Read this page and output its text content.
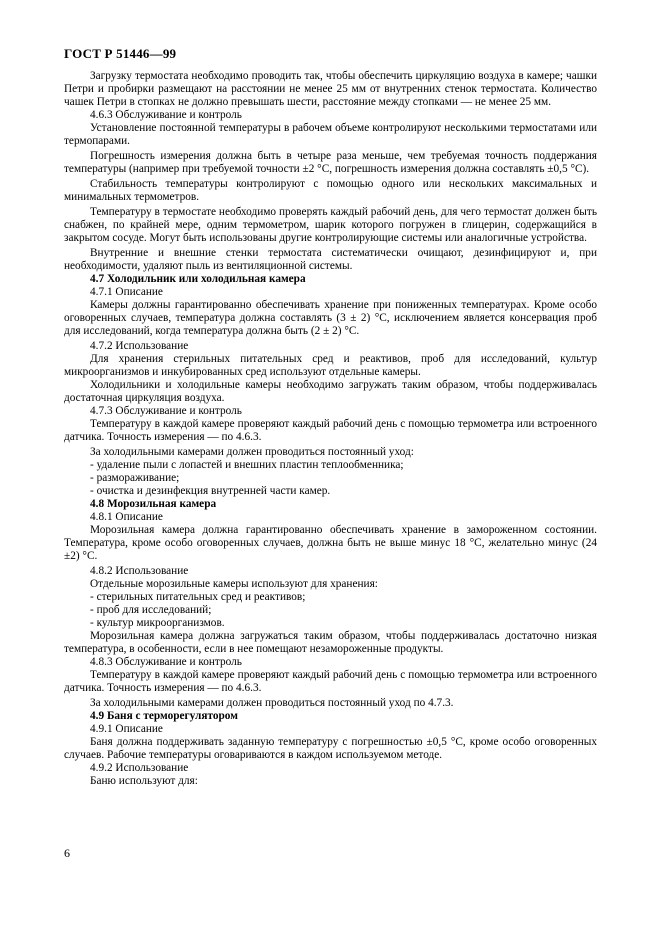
ГОСТ Р 51446—99

Загрузку термостата необходимо проводить так, чтобы обеспечить циркуляцию воздуха в камере; чашки Петри и пробирки размещают на расстоянии не менее 25 мм от внутренних стенок термостата. Количество чашек Петри в стопках не должно превышать шести, расстояние между стопками — не менее 25 мм.

4.6.3 Обслуживание и контроль

Установление постоянной температуры в рабочем объеме контролируют несколькими термостатами или термопарами.

Погрешность измерения должна быть в четыре раза меньше, чем требуемая точность поддержания температуры (например при требуемой точности ±2 °С, погрешность измерения должна составлять ±0,5 °С).

Стабильность температуры контролируют с помощью одного или нескольких максимальных и минимальных термометров.

Температуру в термостате необходимо проверять каждый рабочий день, для чего термостат должен быть снабжен, по крайней мере, одним термометром, шарик которого погружен в глицерин, содержащийся в закрытом сосуде. Могут быть использованы другие контролирующие системы или аналогичные устройства.

Внутренние и внешние стенки термостата систематически очищают, дезинфицируют и, при необходимости, удаляют пыль из вентиляционной системы.

4.7 Холодильник или холодильная камера

4.7.1 Описание

Камеры должны гарантированно обеспечивать хранение при пониженных температурах. Кроме особо оговоренных случаев, температура должна составлять (3 ± 2) °С, исключением является консервация проб для исследований, когда температура должна быть (2 ± 2) °С.

4.7.2 Использование

Для хранения стерильных питательных сред и реактивов, проб для исследований, культур микроорганизмов и инкубированных сред используют отдельные камеры.

Холодильники и холодильные камеры необходимо загружать таким образом, чтобы поддерживалась достаточная циркуляция воздуха.

4.7.3 Обслуживание и контроль

Температуру в каждой камере проверяют каждый рабочий день с помощью термометра или встроенного датчика. Точность измерения — по 4.6.3.

За холодильными камерами должен проводиться постоянный уход:

- удаление пыли с лопастей и внешних пластин теплообменника;

- размораживание;

- очистка и дезинфекция внутренней части камер.

4.8 Морозильная камера

4.8.1 Описание

Морозильная камера должна гарантированно обеспечивать хранение в замороженном состоянии. Температура, кроме особо оговоренных случаев, должна быть не выше минус 18 °С, желательно минус (24 ±2) °С.

4.8.2 Использование

Отдельные морозильные камеры используют для хранения:

- стерильных питательных сред и реактивов;

- проб для исследований;

- культур микроорганизмов.

Морозильная камера должна загружаться таким образом, чтобы поддерживалась достаточно низкая температура, в особенности, если в нее помещают незамороженные продукты.

4.8.3 Обслуживание и контроль

Температуру в каждой камере проверяют каждый рабочий день с помощью термометра или встроенного датчика. Точность измерения — по 4.6.3.

За холодильными камерами должен проводиться постоянный уход по 4.7.3.

4.9 Баня с терморегулятором

4.9.1 Описание

Баня должна поддерживать заданную температуру с погрешностью ±0,5 °С, кроме особо оговоренных случаев. Рабочие температуры оговариваются в каждом используемом методе.

4.9.2 Использование

Баню используют для:

6
